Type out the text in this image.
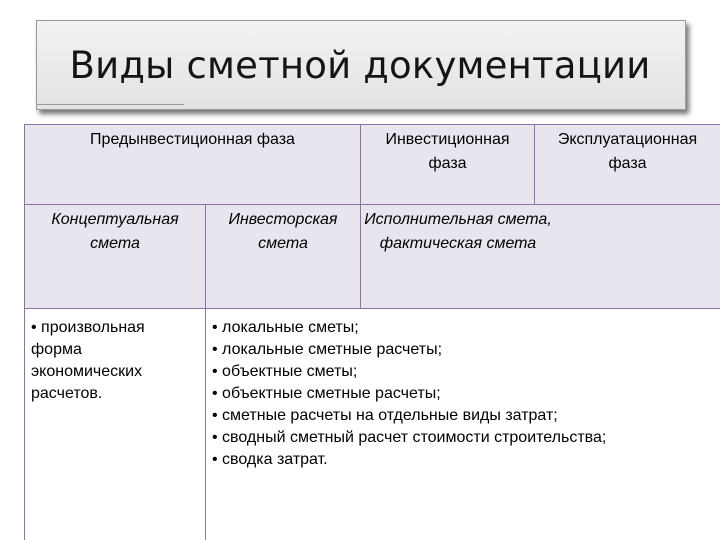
Виды сметной документации
Предынвестиционная фаза	Инвестиционная
фаза
Эксплуатационная
фаза
Концептуальная
смета
Инвесторская
смета
Исполнительная смета,
фактическая смета
• произвольная
форма
экономических
расчетов.
• локальные сметы;
• локальные сметные расчеты;
• объектные сметы;
• объектные сметные расчеты;
• сметные расчеты на отдельные виды затрат;
• сводный сметный расчет стоимости строительства;
• сводка затрат.
